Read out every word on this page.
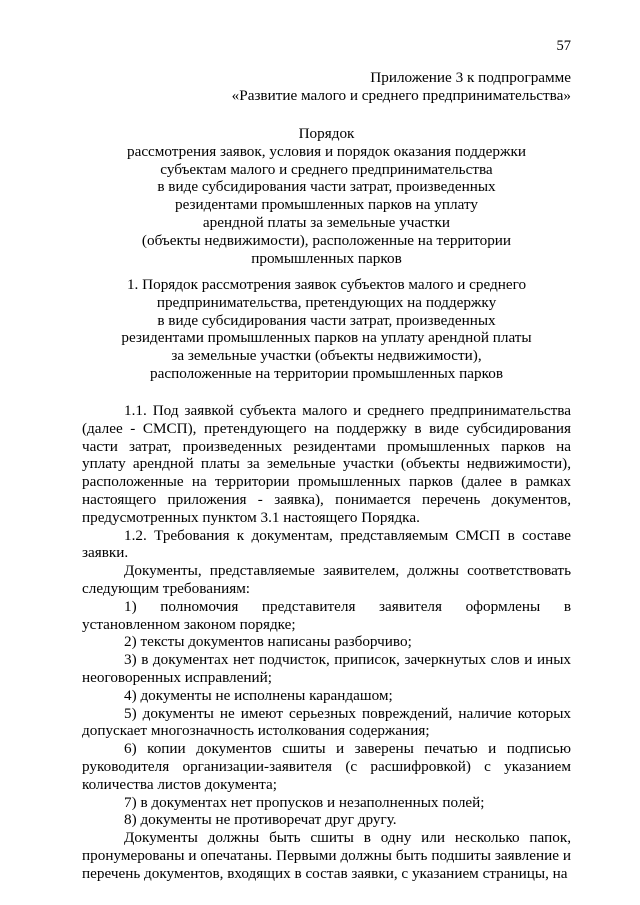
57
Приложение 3 к подпрограмме
«Развитие малого и среднего предпринимательства»
Порядок
рассмотрения заявок, условия и порядок оказания поддержки
субъектам малого и среднего предпринимательства
в виде субсидирования части затрат, произведенных
резидентами промышленных парков на уплату
арендной платы за земельные участки
(объекты недвижимости), расположенные на территории
промышленных парков
1. Порядок рассмотрения заявок субъектов малого и среднего
предпринимательства, претендующих на поддержку
в виде субсидирования части затрат, произведенных
резидентами промышленных парков на уплату арендной платы
за земельные участки (объекты недвижимости),
расположенные на территории промышленных парков

1.1. Под заявкой субъекта малого и среднего предпринимательства (далее - СМСП), претендующего на поддержку в виде субсидирования части затрат, произведенных резидентами промышленных парков на уплату арендной платы за земельные участки (объекты недвижимости), расположенные на территории промышленных парков (далее в рамках настоящего приложения - заявка), понимается перечень документов, предусмотренных пунктом 3.1 настоящего Порядка.

1.2. Требования к документам, представляемым СМСП в составе заявки.

Документы, представляемые заявителем, должны соответствовать следующим требованиям:

1) полномочия представителя заявителя оформлены в установленном законом порядке;

2) тексты документов написаны разборчиво;

3) в документах нет подчисток, приписок, зачеркнутых слов и иных неоговоренных исправлений;

4) документы не исполнены карандашом;

5) документы не имеют серьезных повреждений, наличие которых допускает многозначность истолкования содержания;

6) копии документов сшиты и заверены печатью и подписью руководителя организации-заявителя (с расшифровкой) с указанием количества листов документа;

7) в документах нет пропусков и незаполненных полей;

8) документы не противоречат друг другу.

Документы должны быть сшиты в одну или несколько папок, пронумерованы и опечатаны. Первыми должны быть подшиты заявление и перечень документов, входящих в состав заявки, с указанием страницы, на
